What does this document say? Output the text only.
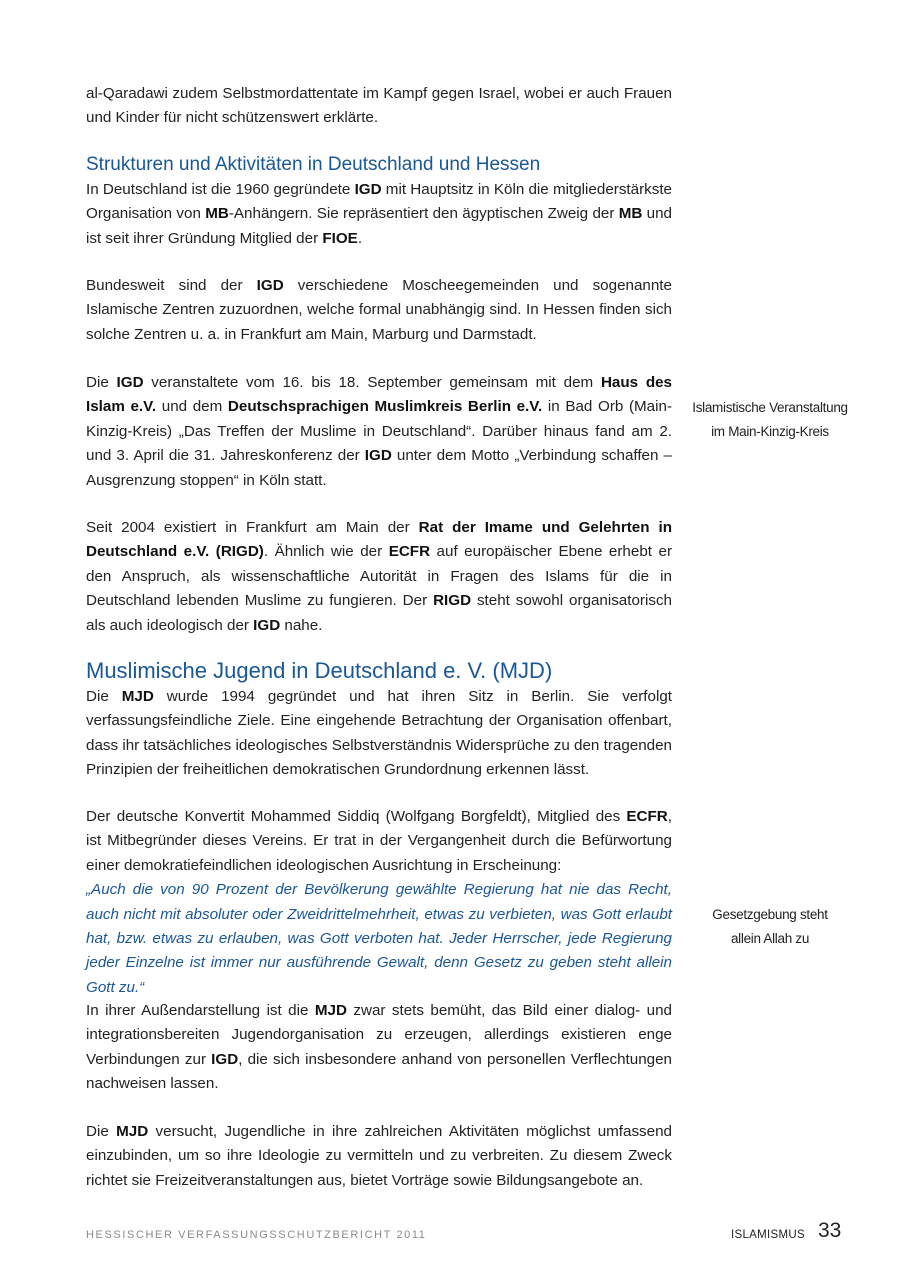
al-Qaradawi zudem Selbstmordattentate im Kampf gegen Israel, wobei er auch Frauen und Kinder für nicht schützenswert erklärte.

Strukturen und Aktivitäten in Deutschland und Hessen

In Deutschland ist die 1960 gegründete IGD mit Hauptsitz in Köln die mitgliederstärkste Organisation von MB-Anhängern. Sie repräsentiert den ägyptischen Zweig der MB und ist seit ihrer Gründung Mitglied der FIOE.

Bundesweit sind der IGD verschiedene Moscheegemeinden und sogenannte Islamische Zentren zuzuordnen, welche formal unabhängig sind. In Hessen finden sich solche Zentren u. a. in Frankfurt am Main, Marburg und Darmstadt.

Die IGD veranstaltete vom 16. bis 18. September gemeinsam mit dem Haus des Islam e.V. und dem Deutschsprachigen Muslimkreis Berlin e.V. in Bad Orb (Main-Kinzig-Kreis) „Das Treffen der Muslime in Deutschland“. Darüber hinaus fand am 2. und 3. April die 31. Jahreskonferenz der IGD unter dem Motto „Verbindung schaffen – Ausgrenzung stoppen“ in Köln statt.

Islamistische Veranstaltung
im Main-Kinzig-Kreis

Seit 2004 existiert in Frankfurt am Main der Rat der Imame und Gelehrten in Deutschland e.V. (RIGD). Ähnlich wie der ECFR auf europäischer Ebene erhebt er den Anspruch, als wissenschaftliche Autorität in Fragen des Islams für die in Deutschland lebenden Muslime zu fungieren. Der RIGD steht sowohl organisatorisch als auch ideologisch der IGD nahe.

Muslimische Jugend in Deutschland e. V. (MJD)

Die MJD wurde 1994 gegründet und hat ihren Sitz in Berlin. Sie verfolgt verfassungsfeindliche Ziele. Eine eingehende Betrachtung der Organisation offenbart, dass ihr tatsächliches ideologisches Selbstverständnis Widersprüche zu den tragenden Prinzipien der freiheitlichen demokratischen Grundordnung erkennen lässt.

Der deutsche Konvertit Mohammed Siddiq (Wolfgang Borgfeldt), Mitglied des ECFR, ist Mitbegründer dieses Vereins. Er trat in der Vergangenheit durch die Befürwortung einer demokratiefeindlichen ideologischen Ausrichtung in Erscheinung:
„Auch die von 90 Prozent der Bevölkerung gewählte Regierung hat nie das Recht, auch nicht mit absoluter oder Zweidrittelmehrheit, etwas zu verbieten, was Gott erlaubt hat, bzw. etwas zu erlauben, was Gott verboten hat. Jeder Herrscher, jede Regierung jeder Einzelne ist immer nur ausführende Gewalt, denn Gesetz zu geben steht allein Gott zu.“

Gesetzgebung steht
allein Allah zu

In ihrer Außendarstellung ist die MJD zwar stets bemüht, das Bild einer dialog- und integrationsbereiten Jugendorganisation zu erzeugen, allerdings existieren enge Verbindungen zur IGD, die sich insbesondere anhand von personellen Verflechtungen nachweisen lassen.

Die MJD versucht, Jugendliche in ihre zahlreichen Aktivitäten möglichst umfassend einzubinden, um so ihre Ideologie zu vermitteln und zu verbreiten. Zu diesem Zweck richtet sie Freizeitveranstaltungen aus, bietet Vorträge sowie Bildungsangebote an.

HESSISCHER VERFASSUNGSSCHUTZBERICHT 2011	ISLAMISMUS 33
